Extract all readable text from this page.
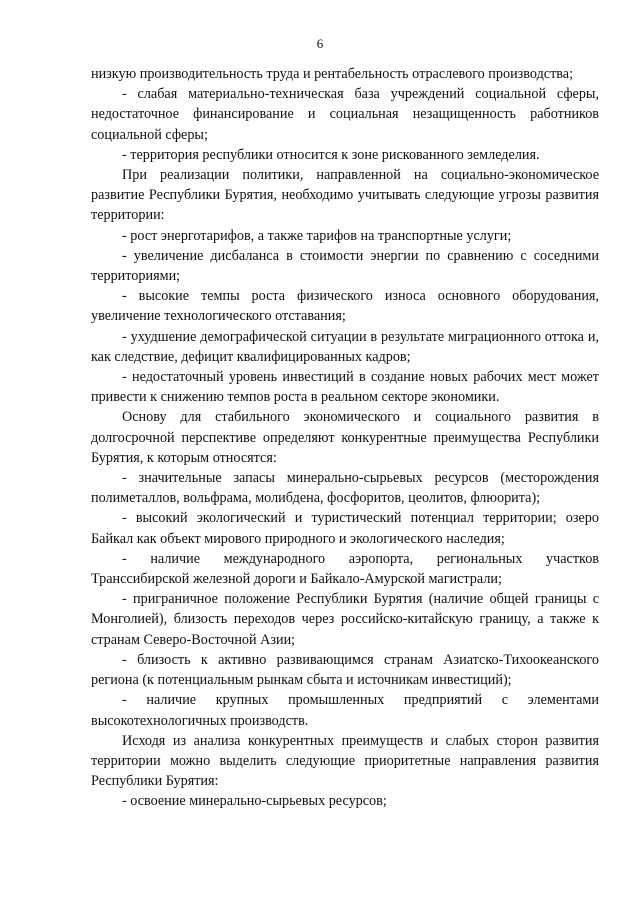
6

низкую производительность труда и рентабельность отраслевого производства;

- слабая материально-техническая база учреждений социальной сферы, недостаточное финансирование и социальная незащищенность работников социальной сферы;

- территория республики относится к зоне рискованного земледелия.

При реализации политики, направленной на социально-экономическое развитие Республики Бурятия, необходимо учитывать следующие угрозы развития территории:

- рост энерготарифов, а также тарифов на транспортные услуги;

- увеличение дисбаланса в стоимости энергии по сравнению с соседними территориями;

- высокие темпы роста физического износа основного оборудования, увеличение технологического отставания;

- ухудшение демографической ситуации в результате миграционного оттока и, как следствие, дефицит квалифицированных кадров;

- недостаточный уровень инвестиций в создание новых рабочих мест может привести к снижению темпов роста в реальном секторе экономики.

Основу для стабильного экономического и социального развития в долгосрочной перспективе определяют конкурентные преимущества Республики Бурятия, к которым относятся:

- значительные запасы минерально-сырьевых ресурсов (месторождения полиметаллов, вольфрама, молибдена, фосфоритов, цеолитов, флюорита);

- высокий экологический и туристический потенциал территории; озеро Байкал как объект мирового природного и экологического наследия;

- наличие международного аэропорта, региональных участков Транссибирской железной дороги и Байкало-Амурской магистрали;

- приграничное положение Республики Бурятия (наличие общей границы с Монголией), близость переходов через российско-китайскую границу, а также к странам Северо-Восточной Азии;

- близость к активно развивающимся странам Азиатско-Тихоокеанского региона (к потенциальным рынкам сбыта и источникам инвестиций);

- наличие крупных промышленных предприятий с элементами высокотехнологичных производств.

Исходя из анализа конкурентных преимуществ и слабых сторон развития территории можно выделить следующие приоритетные направления развития Республики Бурятия:

- освоение минерально-сырьевых ресурсов;
